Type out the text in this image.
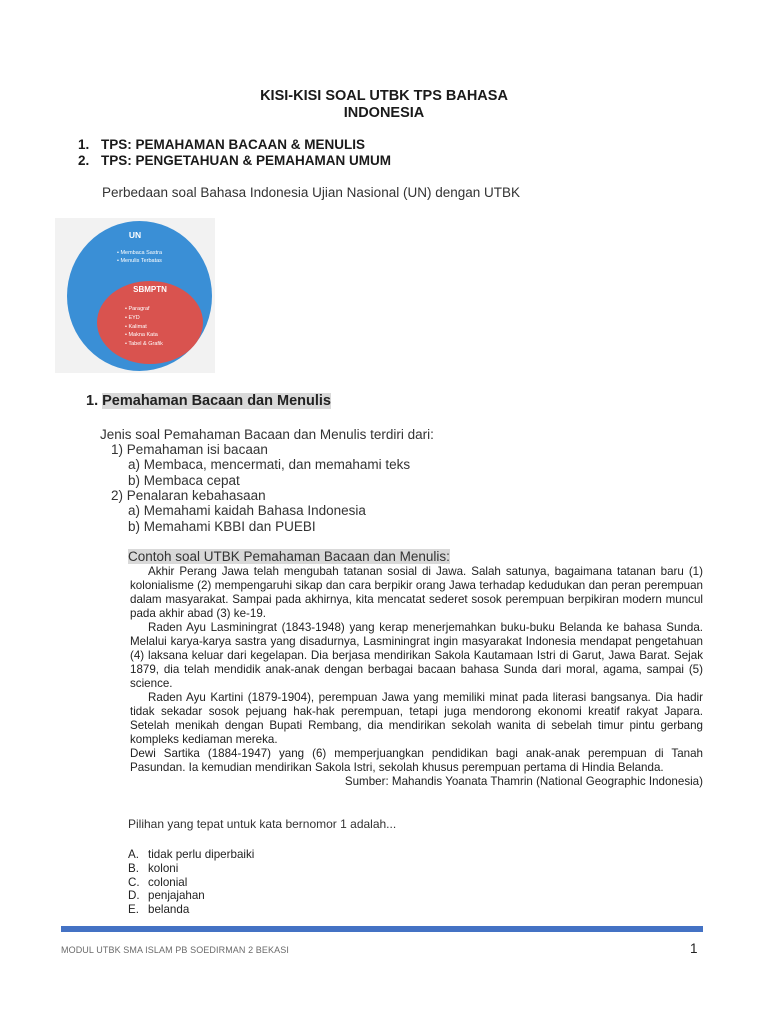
KISI-KISI SOAL UTBK TPS BAHASA
INDONESIA
1. TPS: PEMAHAMAN BACAAN & MENULIS
2. TPS: PENGETAHUAN & PEMAHAMAN UMUM
Perbedaan soal Bahasa Indonesia Ujian Nasional (UN) dengan UTBK
UN
• Membaca Sastra
• Menulis Terbatas
SBMPTN
• Paragraf
• EYD
• Kalimat
• Makna Kata
• Tabel & Grafik
1. Pemahaman Bacaan dan Menulis
Jenis soal Pemahaman Bacaan dan Menulis terdiri dari:
1) Pemahaman isi bacaan
a) Membaca, mencermati, dan memahami teks
b) Membaca cepat
2) Penalaran kebahasaan
a) Memahami kaidah Bahasa Indonesia
b) Memahami KBBI dan PUEBI
Contoh soal UTBK Pemahaman Bacaan dan Menulis:

Akhir Perang Jawa telah mengubah tatanan sosial di Jawa. Salah satunya, bagaimana tatanan baru (1) kolonialisme (2) mempengaruhi sikap dan cara berpikir orang Jawa terhadap kedudukan dan peran perempuan dalam masyarakat. Sampai pada akhirnya, kita mencatat sederet sosok perempuan berpikiran modern muncul pada akhir abad (3) ke-19.

Raden Ayu Lasminingrat (1843-1948) yang kerap menerjemahkan buku-buku Belanda ke bahasa Sunda. Melalui karya-karya sastra yang disadurnya, Lasminingrat ingin masyarakat Indonesia mendapat pengetahuan (4) laksana keluar dari kegelapan. Dia berjasa mendirikan Sakola Kautamaan Istri di Garut, Jawa Barat. Sejak 1879, dia telah mendidik anak-anak dengan berbagai bacaan bahasa Sunda dari moral, agama, sampai (5) science.

Raden Ayu Kartini (1879-1904), perempuan Jawa yang memiliki minat pada literasi bangsanya. Dia hadir tidak sekadar sosok pejuang hak-hak perempuan, tetapi juga mendorong ekonomi kreatif rakyat Japara. Setelah menikah dengan Bupati Rembang, dia mendirikan sekolah wanita di sebelah timur pintu gerbang kompleks kediaman mereka.

Dewi Sartika (1884-1947) yang (6) memperjuangkan pendidikan bagi anak-anak perempuan di Tanah Pasundan. Ia kemudian mendirikan Sakola Istri, sekolah khusus perempuan pertama di Hindia Belanda.

Sumber: Mahandis Yoanata Thamrin (National Geographic Indonesia)

Pilihan yang tepat untuk kata bernomor 1 adalah...
A. tidak perlu diperbaiki
B. koloni
C. colonial
D. penjajahan
E. belanda
MODUL UTBK SMA ISLAM PB SOEDIRMAN 2 BEKASI	1
